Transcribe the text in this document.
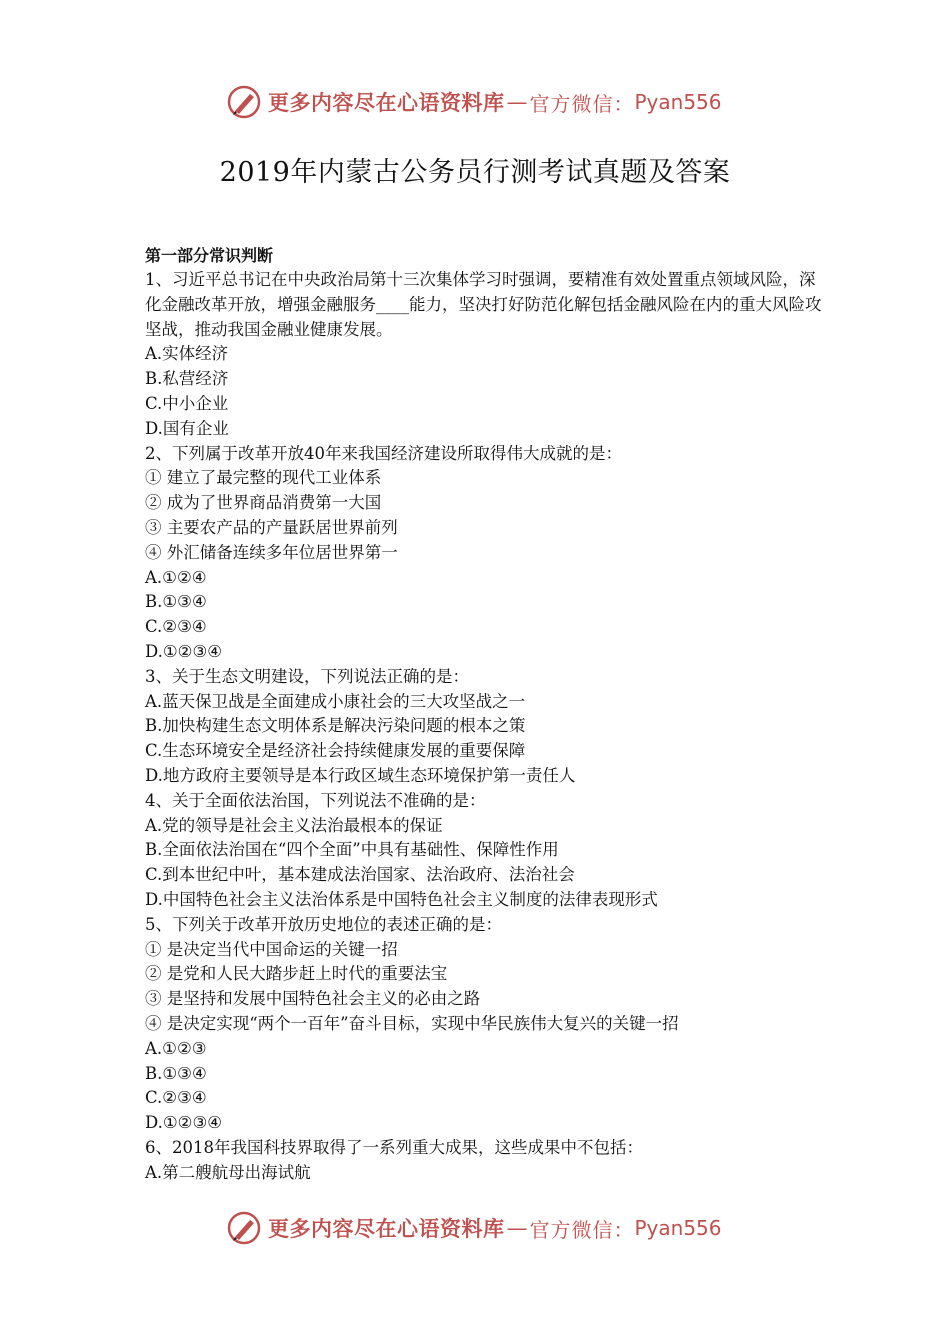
更多内容尽在心语资料库 — 官方微信： Pyan556
2019年内蒙古公务员行测考试真题及答案
第一部分常识判断
1、习近平总书记在中央政治局第十三次集体学习时强调，要精准有效处置重点领域风险，深化金融改革开放，增强金融服务____能力，坚决打好防范化解包括金融风险在内的重大风险攻坚战，推动我国金融业健康发展。
A.实体经济
B.私营经济
C.中小企业
D.国有企业
2、下列属于改革开放40年来我国经济建设所取得伟大成就的是：
① 建立了最完整的现代工业体系
② 成为了世界商品消费第一大国
③ 主要农产品的产量跃居世界前列
④ 外汇储备连续多年位居世界第一
A.①②④
B.①③④
C.②③④
D.①②③④
3、关于生态文明建设，下列说法正确的是：
A.蓝天保卫战是全面建成小康社会的三大攻坚战之一
B.加快构建生态文明体系是解决污染问题的根本之策
C.生态环境安全是经济社会持续健康发展的重要保障
D.地方政府主要领导是本行政区域生态环境保护第一责任人
4、关于全面依法治国，下列说法不准确的是：
A.党的领导是社会主义法治最根本的保证
B.全面依法治国在“四个全面”中具有基础性、保障性作用
C.到本世纪中叶，基本建成法治国家、法治政府、法治社会
D.中国特色社会主义法治体系是中国特色社会主义制度的法律表现形式
5、下列关于改革开放历史地位的表述正确的是：
① 是决定当代中国命运的关键一招
② 是党和人民大踏步赶上时代的重要法宝
③ 是坚持和发展中国特色社会主义的必由之路
④ 是决定实现“两个一百年”奋斗目标，实现中华民族伟大复兴的关键一招
A.①②③
B.①③④
C.②③④
D.①②③④
6、2018年我国科技界取得了一系列重大成果，这些成果中不包括：
A.第二艘航母出海试航
更多内容尽在心语资料库 — 官方微信： Pyan556
